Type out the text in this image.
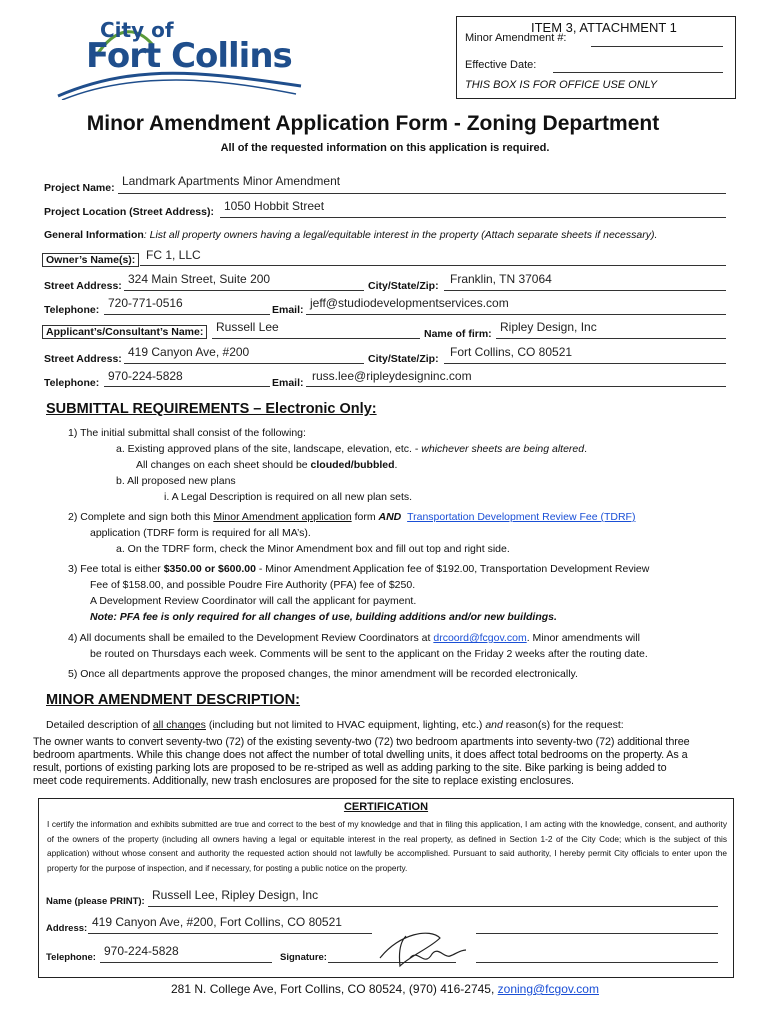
City of
Fort Collins
ITEM 3, ATTACHMENT 1
Minor Amendment #:
Effective Date:
THIS BOX IS FOR OFFICE USE ONLY
Minor Amendment Application Form - Zoning Department
All of the requested information on this application is required.
Project Name: Landmark Apartments Minor Amendment
Project Location (Street Address): 1050 Hobbit Street
General Information: List all property owners having a legal/equitable interest in the property (Attach separate sheets if necessary).
Owner’s Name(s): FC 1, LLC
Street Address: 324 Main Street, Suite 200	City/State/Zip: Franklin, TN 37064
Telephone: 720-771-0516	Email: jeff@studiodevelopmentservices.com
Applicant’s/Consultant’s Name:	Russell Lee	Name of firm: Ripley Design, Inc
Street Address: 419 Canyon Ave, #200	City/State/Zip: Fort Collins, CO 80521
Telephone: 970-224-5828	Email: russ.lee@ripleydesigninc.com
SUBMITTAL REQUIREMENTS – Electronic Only:
1) The initial submittal shall consist of the following:
a. Existing approved plans of the site, landscape, elevation, etc. - whichever sheets are being altered.
All changes on each sheet should be clouded/bubbled.
b. All proposed new plans
i. A Legal Description is required on all new plan sets.
2) Complete and sign both this Minor Amendment application form AND Transportation Development Review Fee (TDRF)
application (TDRF form is required for all MA’s).
a. On the TDRF form, check the Minor Amendment box and fill out top and right side.
3) Fee total is either $350.00 or $600.00 - Minor Amendment Application fee of $192.00, Transportation Development Review
Fee of $158.00, and possible Poudre Fire Authority (PFA) fee of $250.
A Development Review Coordinator will call the applicant for payment.
Note: PFA fee is only required for all changes of use, building additions and/or new buildings.
4) All documents shall be emailed to the Development Review Coordinators at drcoord@fcgov.com. Minor amendments will
be routed on Thursdays each week. Comments will be sent to the applicant on the Friday 2 weeks after the routing date.
5) Once all departments approve the proposed changes, the minor amendment will be recorded electronically.
MINOR AMENDMENT DESCRIPTION:
Detailed description of all changes (including but not limited to HVAC equipment, lighting, etc.) and reason(s) for the request:
The owner wants to convert seventy-two (72) of the existing seventy-two (72) two bedroom apartments into seventy-two (72) additional three
bedroom apartments. While this change does not affect the number of total dwelling units, it does affect total bedrooms on the property. As a
result, portions of existing parking lots are proposed to be re-striped as well as adding parking to the site. Bike parking is being added to
meet code requirements. Additionally, new trash enclosures are proposed for the site to replace existing enclosures.
CERTIFICATION
I certify the information and exhibits submitted are true and correct to the best of my knowledge and that in filing this application, I am acting with the knowledge, consent, and authority of the owners of the property (including all owners having a legal or equitable interest in the real property, as defined in Section 1-2 of the City Code; which is the subject of this application) without whose consent and authority the requested action should not lawfully be accomplished. Pursuant to said authority, I hereby permit City officials to enter upon the property for the purpose of inspection, and if necessary, for posting a public notice on the property.
Name (please PRINT): Russell Lee, Ripley Design, Inc
Address: 419 Canyon Ave, #200, Fort Collins, CO 80521
Telephone: 970-224-5828	Signature:
281 N. College Ave, Fort Collins, CO 80524, (970) 416-2745, zoning@fcgov.com
